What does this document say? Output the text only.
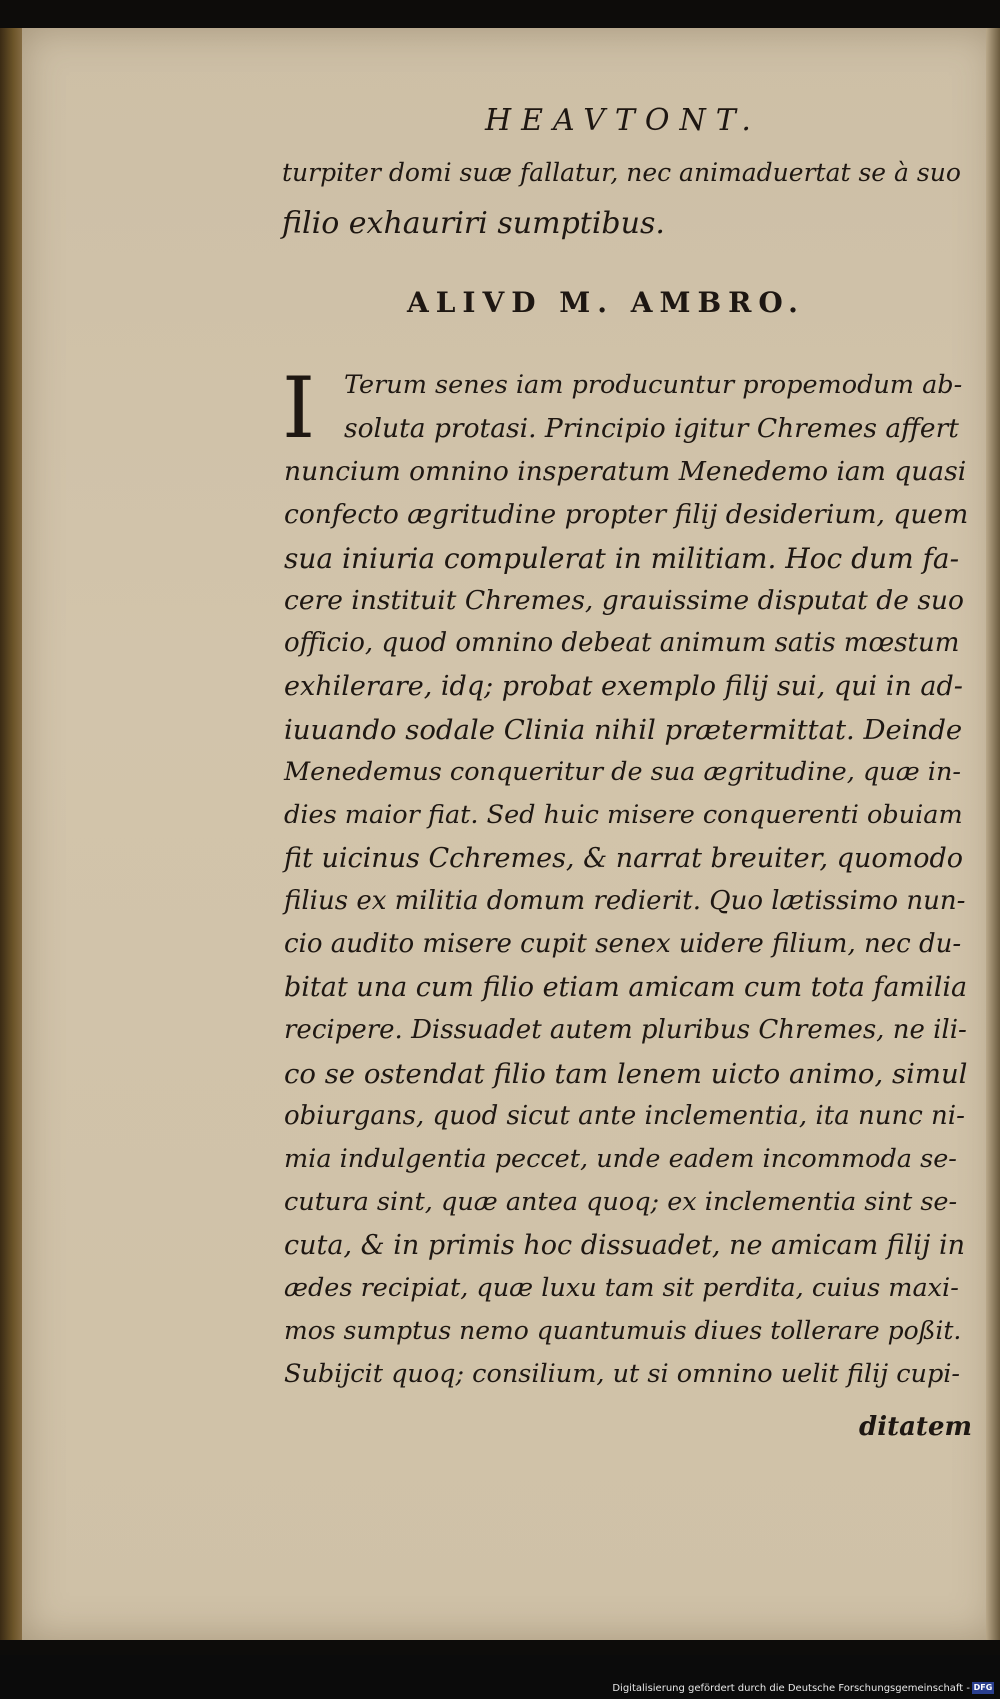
HEAVTONT.
turpiter domi suæ fallatur, nec animaduertat se à suo
filio exhauriri sumptibus.
ALIVD M. AMBRO.
I Terum senes iam producuntur propemodum ab-
soluta protasi. Principio igitur Chremes affert
nuncium omnino insperatum Menedemo iam quasi
confecto ægritudine propter filij desiderium, quem
sua iniuria compulerat in militiam. Hoc dum fa-
cere instituit Chremes, grauissime disputat de suo
officio, quod omnino debeat animum satis mœstum
exhilerare, idq; probat exemplo filij sui, qui in ad-
iuuando sodale Clinia nihil prætermittat. Deinde
Menedemus conqueritur de sua ægritudine, quæ in-
dies maior fiat. Sed huic misere conquerenti obuiam
fit uicinus Cchremes, & narrat breuiter, quomodo
filius ex militia domum redierit. Quo lætissimo nun-
cio audito misere cupit senex uidere filium, nec du-
bitat una cum filio etiam amicam cum tota familia
recipere. Dissuadet autem pluribus Chremes, ne ili-
co se ostendat filio tam lenem uicto animo, simul
obiurgans, quod sicut ante inclementia, ita nunc ni-
mia indulgentia peccet, unde eadem incommoda se-
cutura sint, quæ antea quoq; ex inclementia sint se-
cuta, & in primis hoc dissuadet, ne amicam filij in
ædes recipiat, quæ luxu tam sit perdita, cuius maxi-
mos sumptus nemo quantumuis diues tollerare poßit.
Subijcit quoq; consilium, ut si omnino uelit filij cupi-
ditatem
Digitalisierung gefördert durch die Deutsche Forschungsgemeinschaft - DFG
